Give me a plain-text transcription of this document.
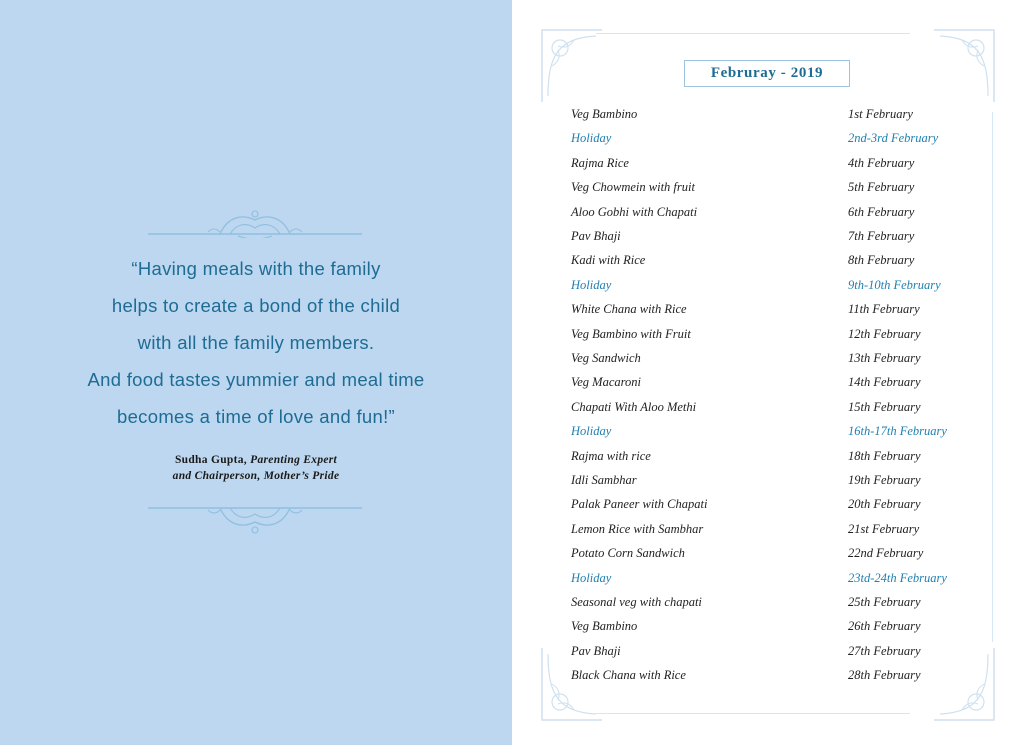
“Having meals with the family
helps to create a bond of the child
with all the family members.
And food tastes yummier and meal time
becomes a time of love and fun!”
Sudha Gupta, Parenting Expert
and Chairperson, Mother’s Pride
Februray - 2019
Veg Bambino	1st February
Holiday	2nd-3rd February
Rajma Rice	4th February
Veg Chowmein with fruit	5th February
Aloo Gobhi with Chapati	6th February
Pav Bhaji	7th February
Kadi with Rice	8th February
Holiday	9th-10th February
White Chana with Rice	11th February
Veg Bambino with Fruit	12th February
Veg Sandwich	13th February
Veg Macaroni	14th February
Chapati With Aloo Methi	15th February
Holiday	16th-17th February
Rajma with rice	18th February
Idli Sambhar	19th February
Palak Paneer with Chapati	20th February
Lemon Rice with Sambhar	21st February
Potato Corn Sandwich	22nd February
Holiday	23td-24th February
Seasonal veg with chapati	25th February
Veg Bambino	26th February
Pav Bhaji	27th February
Black Chana with Rice	28th February
